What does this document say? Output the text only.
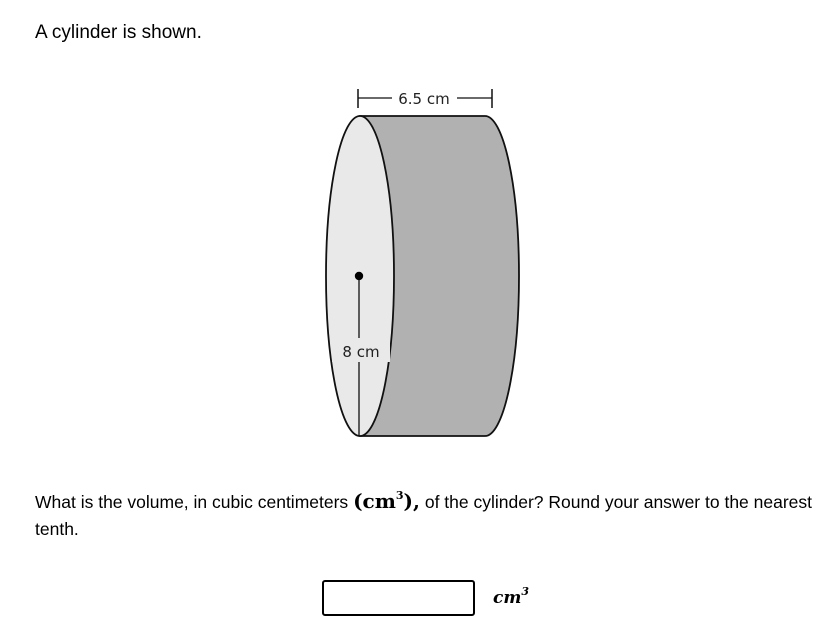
A cylinder is shown.

6.5 cm
8 cm

What is the volume, in cubic centimeters $(cm^3)$, of the cylinder? Round your answer to the nearest tenth.

$cm^3$
